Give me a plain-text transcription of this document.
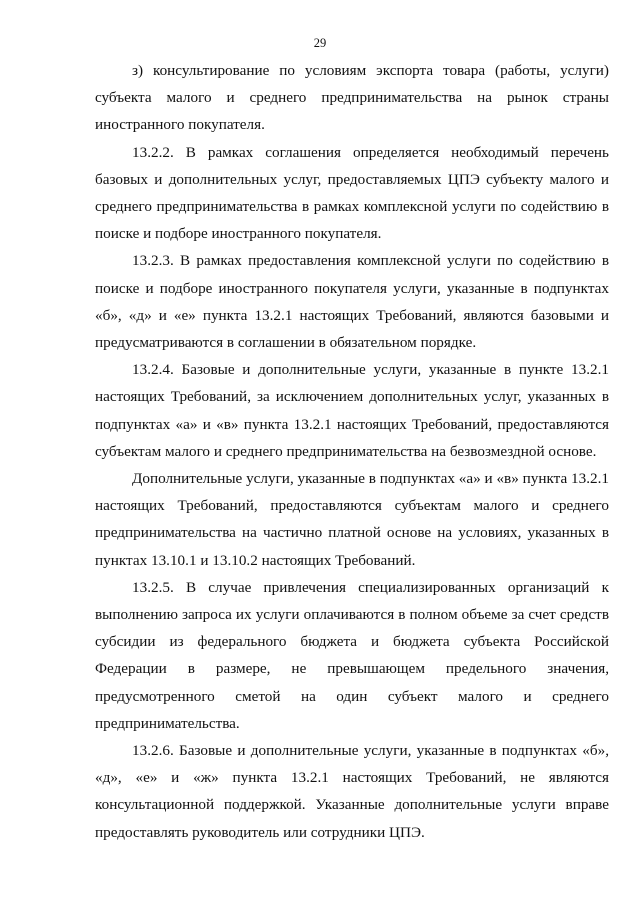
29

з) консультирование по условиям экспорта товара (работы, услуги) субъекта малого и среднего предпринимательства на рынок страны иностранного покупателя.

13.2.2. В рамках соглашения определяется необходимый перечень базовых и дополнительных услуг, предоставляемых ЦПЭ субъекту малого и среднего предпринимательства в рамках комплексной услуги по содействию в поиске и подборе иностранного покупателя.

13.2.3. В рамках предоставления комплексной услуги по содействию в поиске и подборе иностранного покупателя услуги, указанные в подпунктах «б», «д» и «е» пункта 13.2.1 настоящих Требований, являются базовыми и предусматриваются в соглашении в обязательном порядке.

13.2.4. Базовые и дополнительные услуги, указанные в пункте 13.2.1 настоящих Требований, за исключением дополнительных услуг, указанных в подпунктах «а» и «в» пункта 13.2.1 настоящих Требований, предоставляются субъектам малого и среднего предпринимательства на безвозмездной основе.

Дополнительные услуги, указанные в подпунктах «а» и «в» пункта 13.2.1 настоящих Требований, предоставляются субъектам малого и среднего предпринимательства на частично платной основе на условиях, указанных в пунктах 13.10.1 и 13.10.2 настоящих Требований.

13.2.5. В случае привлечения специализированных организаций к выполнению запроса их услуги оплачиваются в полном объеме за счет средств субсидии из федерального бюджета и бюджета субъекта Российской Федерации в размере, не превышающем предельного значения, предусмотренного сметой на один субъект малого и среднего предпринимательства.

13.2.6. Базовые и дополнительные услуги, указанные в подпунктах «б», «д», «е» и «ж» пункта 13.2.1 настоящих Требований, не являются консультационной поддержкой. Указанные дополнительные услуги вправе предоставлять руководитель или сотрудники ЦПЭ.
